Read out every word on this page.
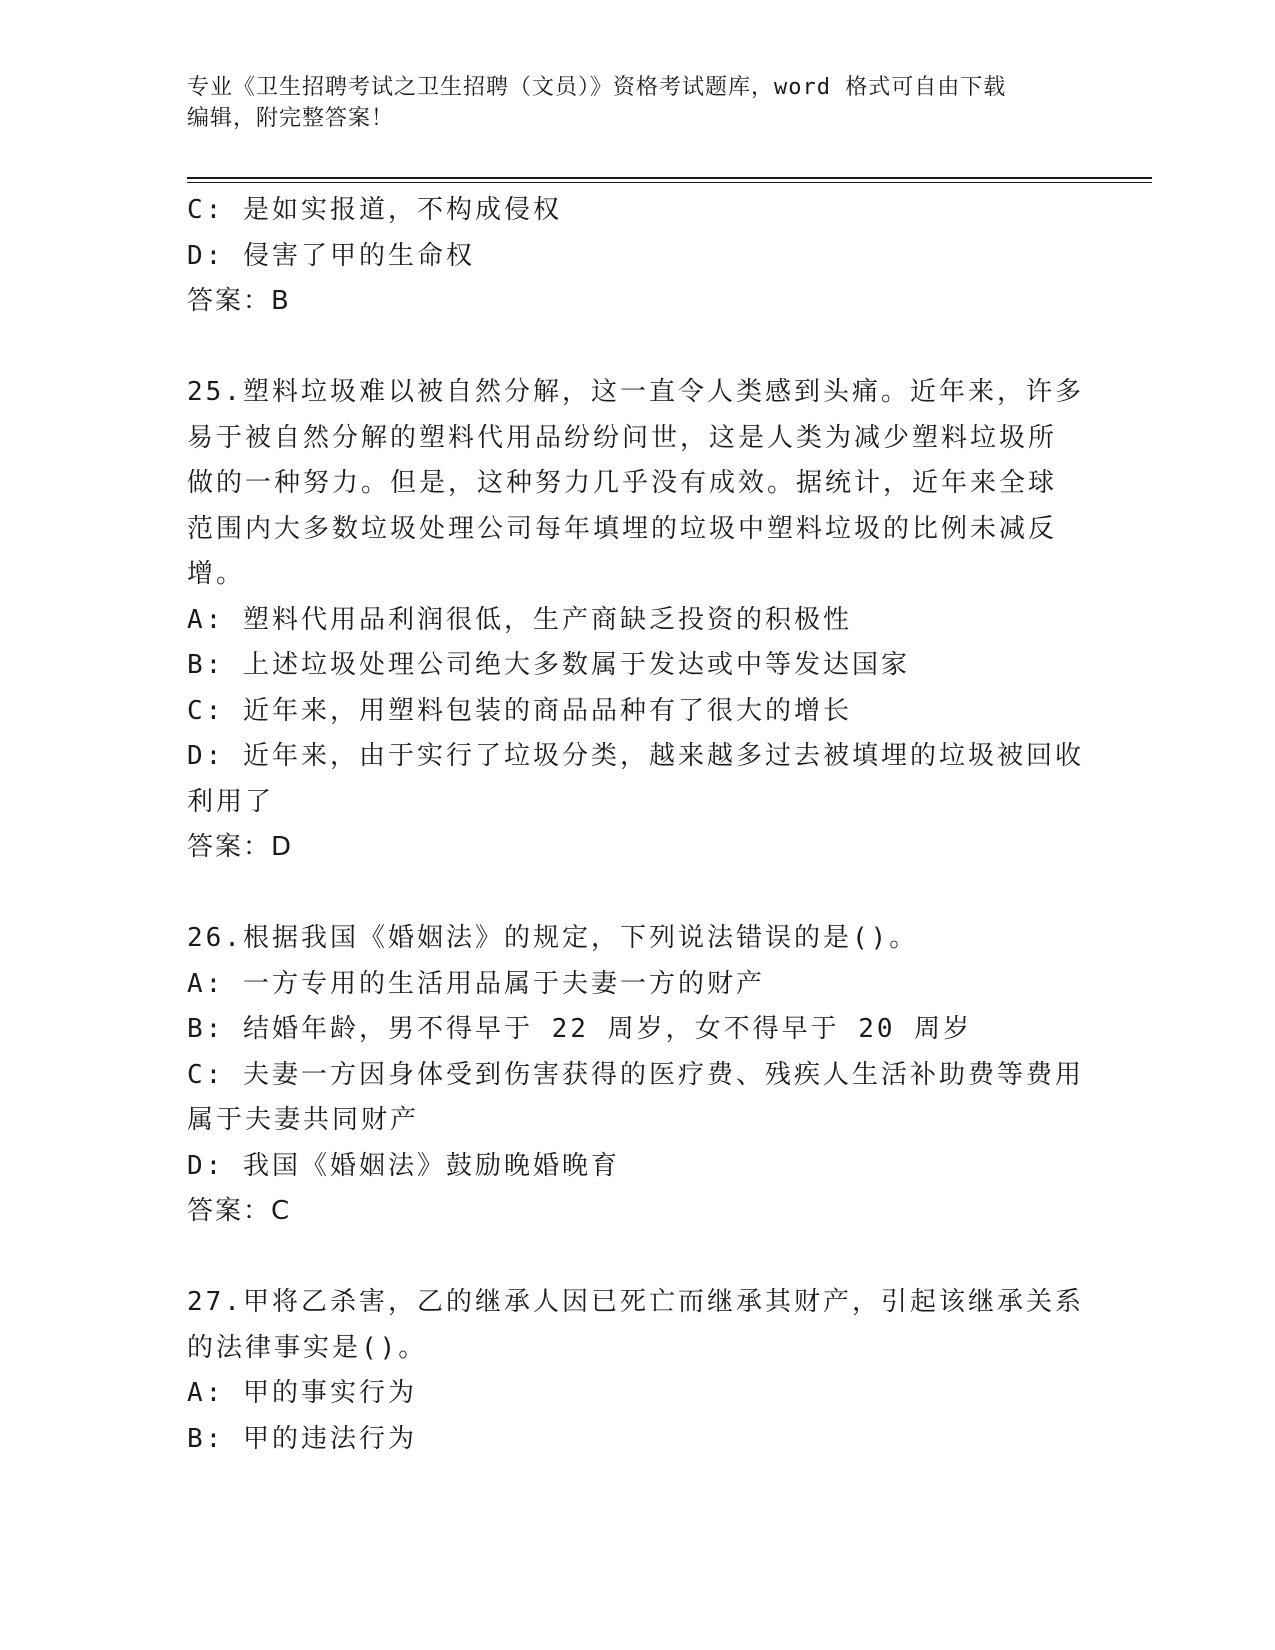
专业《卫生招聘考试之卫生招聘（文员）》资格考试题库，word 格式可自由下载
编辑，附完整答案！

C: 是如实报道，不构成侵权

D: 侵害了甲的生命权

答案：B

25.塑料垃圾难以被自然分解，这一直令人类感到头痛。近年来，许多

易于被自然分解的塑料代用品纷纷问世，这是人类为减少塑料垃圾所

做的一种努力。但是，这种努力几乎没有成效。据统计，近年来全球

范围内大多数垃圾处理公司每年填埋的垃圾中塑料垃圾的比例未减反

增。

A: 塑料代用品利润很低，生产商缺乏投资的积极性

B: 上述垃圾处理公司绝大多数属于发达或中等发达国家

C: 近年来，用塑料包装的商品品种有了很大的增长

D: 近年来，由于实行了垃圾分类，越来越多过去被填埋的垃圾被回收

利用了

答案：D

26.根据我国《婚姻法》的规定，下列说法错误的是()。

A: 一方专用的生活用品属于夫妻一方的财产

B: 结婚年龄，男不得早于 22 周岁，女不得早于 20 周岁

C: 夫妻一方因身体受到伤害获得的医疗费、残疾人生活补助费等费用

属于夫妻共同财产

D: 我国《婚姻法》鼓励晚婚晚育

答案：C

27.甲将乙杀害，乙的继承人因已死亡而继承其财产，引起该继承关系

的法律事实是()。

A: 甲的事实行为

B: 甲的违法行为
